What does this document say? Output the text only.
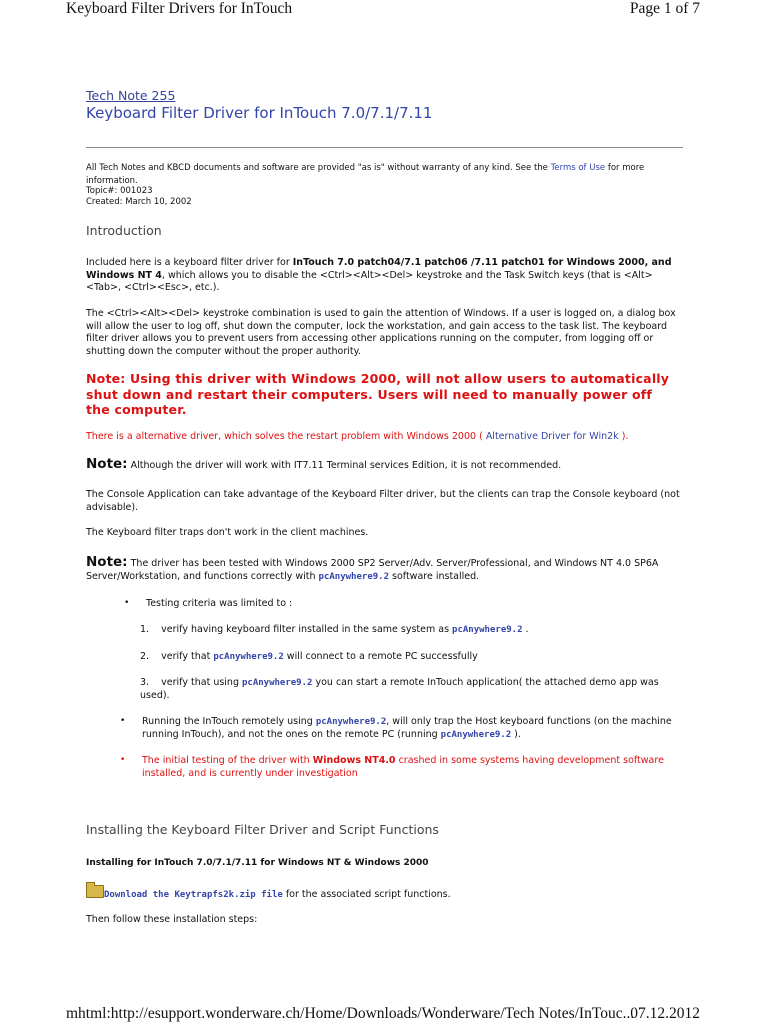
Keyboard Filter Drivers for InTouch	Page 1 of 7
Tech Note 255
Keyboard Filter Driver for InTouch 7.0/7.1/7.11
All Tech Notes and KBCD documents and software are provided "as is" without warranty of any kind. See the Terms of Use for more information.
Topic#: 001023
Created: March 10, 2002
Introduction
Included here is a keyboard filter driver for InTouch 7.0 patch04/7.1 patch06 /7.11 patch01 for Windows 2000, and Windows NT 4, which allows you to disable the <Ctrl><Alt><Del> keystroke and the Task Switch keys (that is <Alt><Tab>, <Ctrl><Esc>, etc.).
The <Ctrl><Alt><Del> keystroke combination is used to gain the attention of Windows. If a user is logged on, a dialog box will allow the user to log off, shut down the computer, lock the workstation, and gain access to the task list. The keyboard filter driver allows you to prevent users from accessing other applications running on the computer, from logging off or shutting down the computer without the proper authority.
Note: Using this driver with Windows 2000, will not allow users to automatically shut down and restart their computers. Users will need to manually power off the computer.
There is a alternative driver, which solves the restart problem with Windows 2000 ( Alternative Driver for Win2k ).
Note: Although the driver will work with IT7.11 Terminal services Edition, it is not recommended.
The Console Application can take advantage of the Keyboard Filter driver, but the clients can trap the Console keyboard (not advisable).
The Keyboard filter traps don't work in the client machines.
Note: The driver has been tested with Windows 2000 SP2 Server/Adv. Server/Professional, and Windows NT 4.0 SP6A Server/Workstation, and functions correctly with pcAnywhere9.2 software installed.
• Testing criteria was limited to :
1. verify having keyboard filter installed in the same system as pcAnywhere9.2 .
2. verify that pcAnywhere9.2 will connect to a remote PC successfully
3. verify that using pcAnywhere9.2 you can start a remote InTouch application( the attached demo app was used).
• Running the InTouch remotely using pcAnywhere9.2, will only trap the Host keyboard functions (on the machine running InTouch), and not the ones on the remote PC (running pcAnywhere9.2 ).
• The initial testing of the driver with Windows NT4.0 crashed in some systems having development software installed, and is currently under investigation
Installing the Keyboard Filter Driver and Script Functions
Installing for InTouch 7.0/7.1/7.11 for Windows NT & Windows 2000
Download the Keytrapfs2k.zip file for the associated script functions.
Then follow these installation steps:
mhtml:http://esupport.wonderware.ch/Home/Downloads/Wonderware/Tech Notes/InTouc...
07.12.2012
